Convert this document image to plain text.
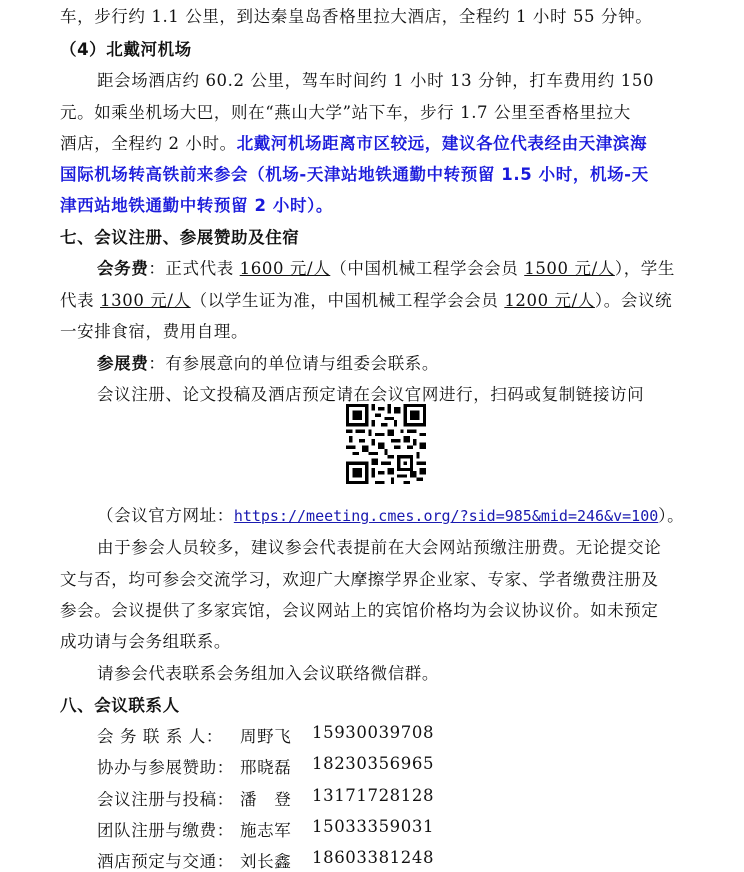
车，步行约 1.1 公里，到达秦皇岛香格里拉大酒店，全程约 1 小时 55 分钟。
（4）北戴河机场
距会场酒店约 60.2 公里，驾车时间约 1 小时 13 分钟，打车费用约 150
元。如乘坐机场大巴，则在“燕山大学”站下车，步行 1.7 公里至香格里拉大
酒店，全程约 2 小时。北戴河机场距离市区较远，建议各位代表经由天津滨海
国际机场转高铁前来参会（机场-天津站地铁通勤中转预留 1.5 小时，机场-天
津西站地铁通勤中转预留 2 小时）。
七、会议注册、参展赞助及住宿
会务费：正式代表 1600 元/人（中国机械工程学会会员 1500 元/人），学生
代表 1300 元/人（以学生证为准，中国机械工程学会会员 1200 元/人）。会议统
一安排食宿，费用自理。
参展费：有参展意向的单位请与组委会联系。
会议注册、论文投稿及酒店预定请在会议官网进行，扫码或复制链接访问
（会议官方网址：https://meeting.cmes.org/?sid=985&mid=246&v=100）。
由于参会人员较多，建议参会代表提前在大会网站预缴注册费。无论提交论
文与否，均可参会交流学习，欢迎广大摩擦学界企业家、专家、学者缴费注册及
参会。会议提供了多家宾馆，会议网站上的宾馆价格均为会议协议价。如未预定
成功请与会务组联系。
请参会代表联系会务组加入会议联络微信群。
八、会议联系人
会 务 联 系 人： 周野飞 15930039708
协办与参展赞助： 邢晓磊 18230356965
会议注册与投稿： 潘　登 13171728128
团队注册与缴费： 施志军 15033359031
酒店预定与交通： 刘长鑫 18603381248
